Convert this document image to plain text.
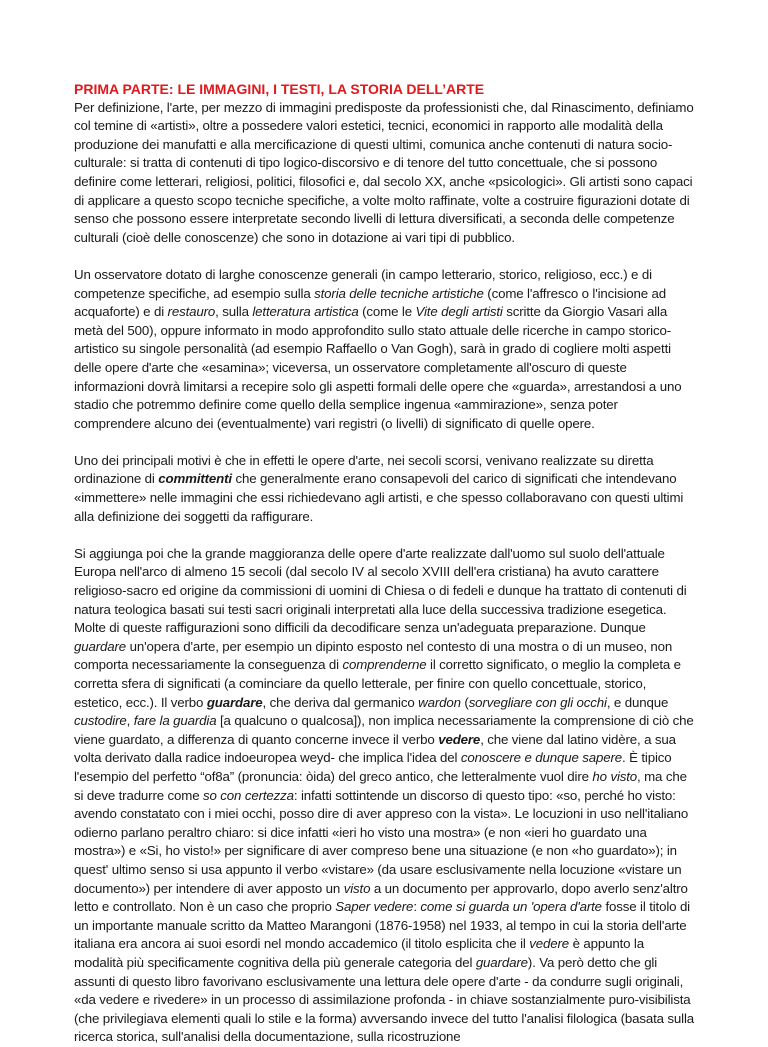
PRIMA PARTE: LE IMMAGINI, I TESTI, LA STORIA DELL’ARTE

Per definizione, l'arte, per mezzo di immagini predisposte da professionisti che, dal Rinascimento, definiamo col temine di «artisti», oltre a possedere valori estetici, tecnici, economici in rapporto alle modalità della produzione dei manufatti e alla mercificazione di questi ultimi, comunica anche contenuti di natura socio-culturale: si tratta di contenuti di tipo logico-discorsivo e di tenore del tutto concettuale, che si possono definire come letterari, religiosi, politici, filosofici e, dal secolo XX, anche «psicologici». Gli artisti sono capaci di applicare a questo scopo tecniche specifiche, a volte molto raffinate, volte a costruire figurazioni dotate di senso che possono essere interpretate secondo livelli di lettura diversificati, a seconda delle competenze culturali (cioè delle conoscenze) che sono in dotazione ai vari tipi di pubblico.

Un osservatore dotato di larghe conoscenze generali (in campo letterario, storico, religioso, ecc.) e di competenze specifiche, ad esempio sulla storia delle tecniche artistiche (come l'affresco o l'incisione ad acquaforte) e di restauro, sulla letteratura artistica (come le Vite degli artisti scritte da Giorgio Vasari alla metà del 500), oppure informato in modo approfondito sullo stato attuale delle ricerche in campo storico-artistico su singole personalità (ad esempio Raffaello o Van Gogh), sarà in grado di cogliere molti aspetti delle opere d'arte che «esamina»; viceversa, un osservatore completamente all'oscuro di queste informazioni dovrà limitarsi a recepire solo gli aspetti formali delle opere che «guarda», arrestandosi a uno stadio che potremmo definire come quello della semplice ingenua «ammirazione», senza poter comprendere alcuno dei (eventualmente) vari registri (o livelli) di significato di quelle opere.

Uno dei principali motivi è che in effetti le opere d'arte, nei secoli scorsi, venivano realizzate su diretta ordinazione di committenti che generalmente erano consapevoli del carico di significati che intendevano «immettere» nelle immagini che essi richiedevano agli artisti, e che spesso collaboravano con questi ultimi alla definizione dei soggetti da raffigurare.

Si aggiunga poi che la grande maggioranza delle opere d'arte realizzate dall'uomo sul suolo dell'attuale Europa nell'arco di almeno 15 secoli (dal secolo IV al secolo XVIII dell'era cristiana) ha avuto carattere religioso-sacro ed origine da commissioni di uomini di Chiesa o di fedeli e dunque ha trattato di contenuti di natura teologica basati sui testi sacri originali interpretati alla luce della successiva tradizione esegetica. Molte di queste raffigurazioni sono difficili da decodificare senza un'adeguata preparazione. Dunque guardare un'opera d'arte, per esempio un dipinto esposto nel contesto di una mostra o di un museo, non comporta necessariamente la conseguenza di comprenderne il corretto significato, o meglio la completa e corretta sfera di significati (a cominciare da quello letterale, per finire con quello concettuale, storico, estetico, ecc.). Il verbo guardare, che deriva dal germanico wardon (sorvegliare con gli occhi, e dunque custodire, fare la guardia [a qualcuno o qualcosa]), non implica necessariamente la comprensione di ciò che viene guardato, a differenza di quanto concerne invece il verbo vedere, che viene dal latino vidère, a sua volta derivato dalla radice indoeuropea weyd- che implica l'idea del conoscere e dunque sapere. È tipico l'esempio del perfetto “of8a” (pronuncia: òida) del greco antico, che letteralmente vuol dire ho visto, ma che si deve tradurre come so con certezza: infatti sottintende un discorso di questo tipo: «so, perché ho visto: avendo constatato con i miei occhi, posso dire di aver appreso con la vista». Le locuzioni in uso nell'italiano odierno parlano peraltro chiaro: si dice infatti «ieri ho visto una mostra» (e non «ieri ho guardato una mostra») e «Si, ho visto!» per significare di aver compreso bene una situazione (e non «ho guardato»); in quest' ultimo senso si usa appunto il verbo «vistare» (da usare esclusivamente nella locuzione «vistare un documento») per intendere di aver apposto un visto a un documento per approvarlo, dopo averlo senz'altro letto e controllato. Non è un caso che proprio Saper vedere: come si guarda un 'opera d'arte fosse il titolo di un importante manuale scritto da Matteo Marangoni (1876-1958) nel 1933, al tempo in cui la storia dell'arte italiana era ancora ai suoi esordi nel mondo accademico (il titolo esplicita che il vedere è appunto la modalità più specificamente cognitiva della più generale categoria del guardare). Va però detto che gli assunti di questo libro favorivano esclusivamente una lettura dele opere d'arte - da condurre sugli originali, «da vedere e rivedere» in un processo di assimilazione profonda - in chiave sostanzialmente puro-visibilista (che privilegiava elementi quali lo stile e la forma) avversando invece del tutto l'analisi filologica (basata sulla ricerca storica, sull'analisi della documentazione, sulla ricostruzione
